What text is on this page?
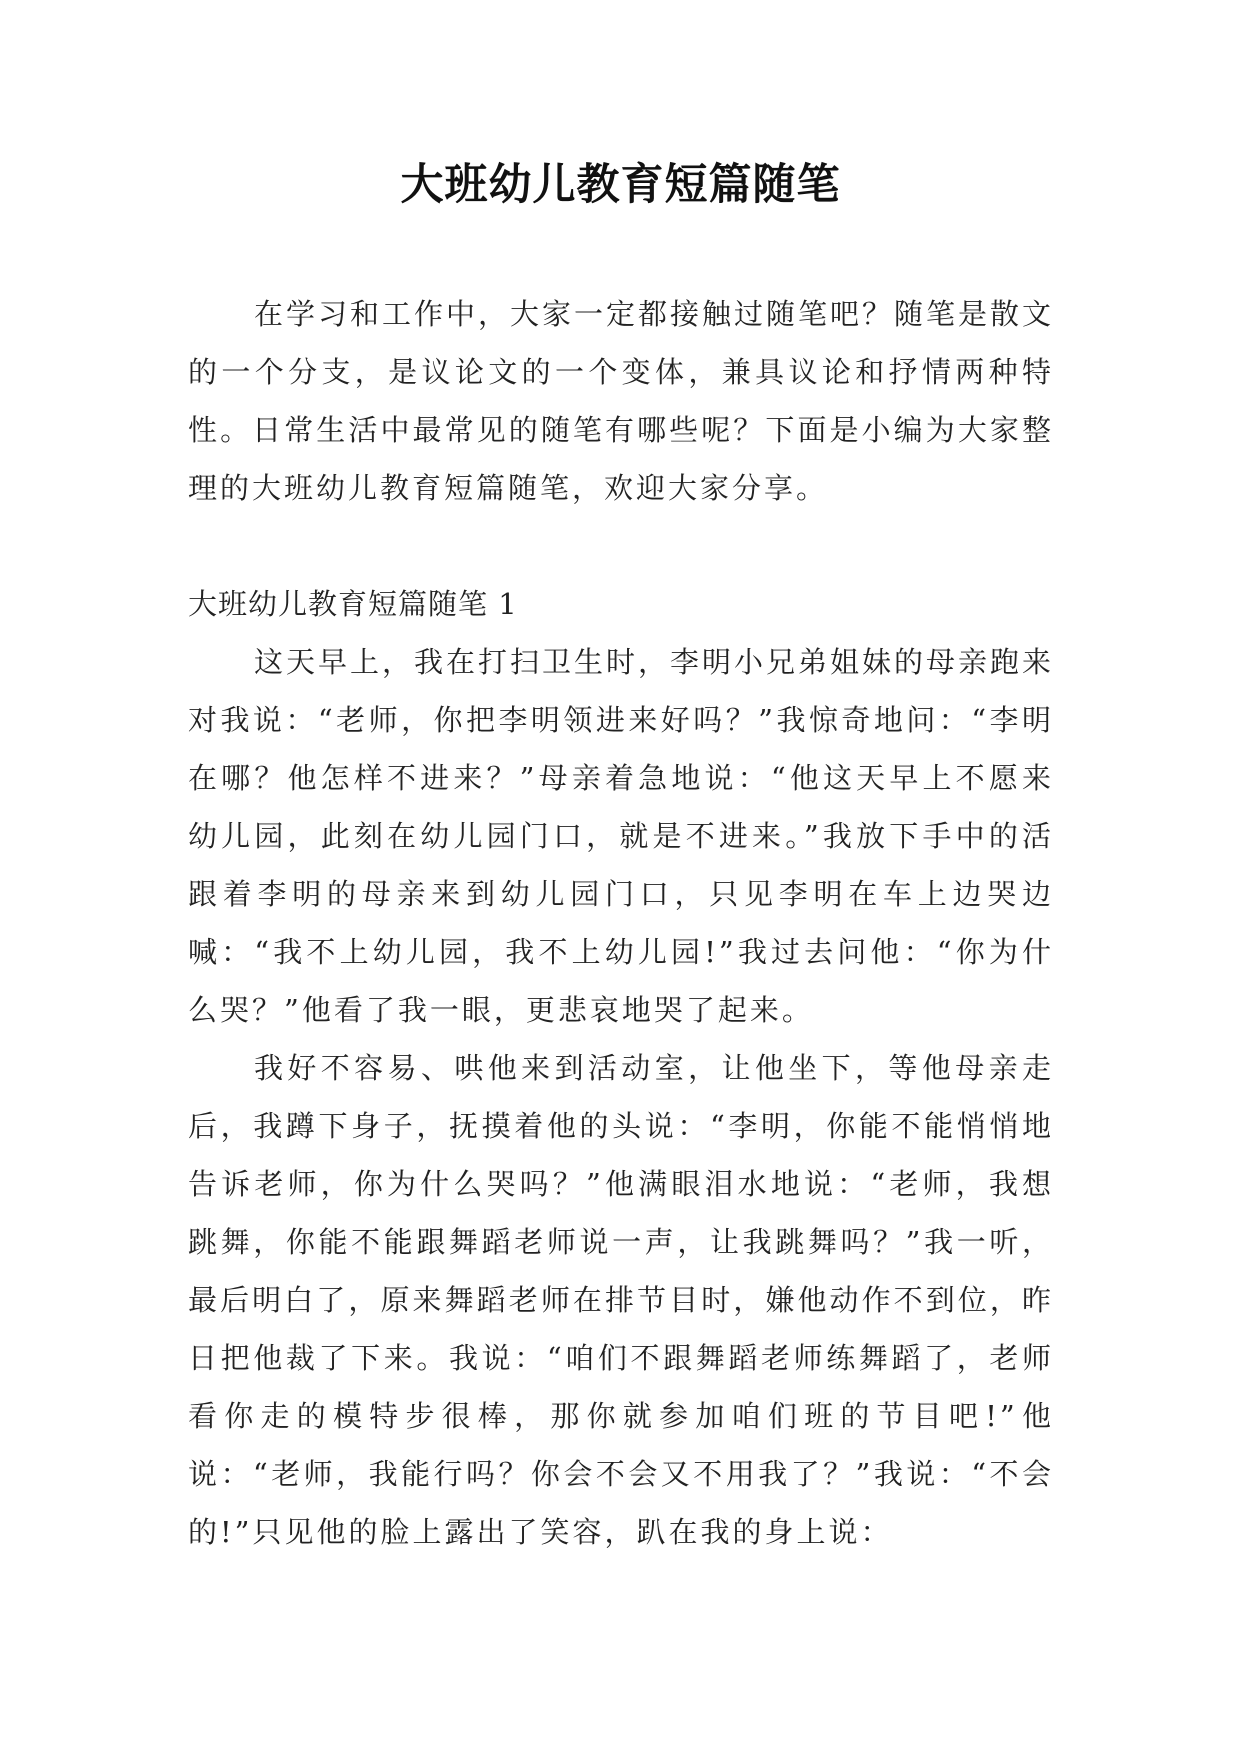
大班幼儿教育短篇随笔

在学习和工作中，大家一定都接触过随笔吧？随笔是散文的一个分支，是议论文的一个变体，兼具议论和抒情两种特性。日常生活中最常见的随笔有哪些呢？下面是小编为大家整理的大班幼儿教育短篇随笔，欢迎大家分享。

大班幼儿教育短篇随笔 1

这天早上，我在打扫卫生时，李明小兄弟姐妹的母亲跑来对我说：“老师，你把李明领进来好吗？”我惊奇地问：“李明在哪？他怎样不进来？”母亲着急地说：“他这天早上不愿来幼儿园，此刻在幼儿园门口，就是不进来。”我放下手中的活跟着李明的母亲来到幼儿园门口，只见李明在车上边哭边喊：“我不上幼儿园，我不上幼儿园!”我过去问他：“你为什么哭？”他看了我一眼，更悲哀地哭了起来。

我好不容易、哄他来到活动室，让他坐下，等他母亲走后，我蹲下身子，抚摸着他的头说：“李明，你能不能悄悄地告诉老师，你为什么哭吗？”他满眼泪水地说：“老师，我想跳舞，你能不能跟舞蹈老师说一声，让我跳舞吗？”我一听，最后明白了，原来舞蹈老师在排节目时，嫌他动作不到位，昨日把他裁了下来。我说：“咱们不跟舞蹈老师练舞蹈了，老师看你走的模特步很棒，那你就参加咱们班的节目吧!”他说：“老师，我能行吗？你会不会又不用我了？”我说：“不会的!”只见他的脸上露出了笑容，趴在我的身上说：
